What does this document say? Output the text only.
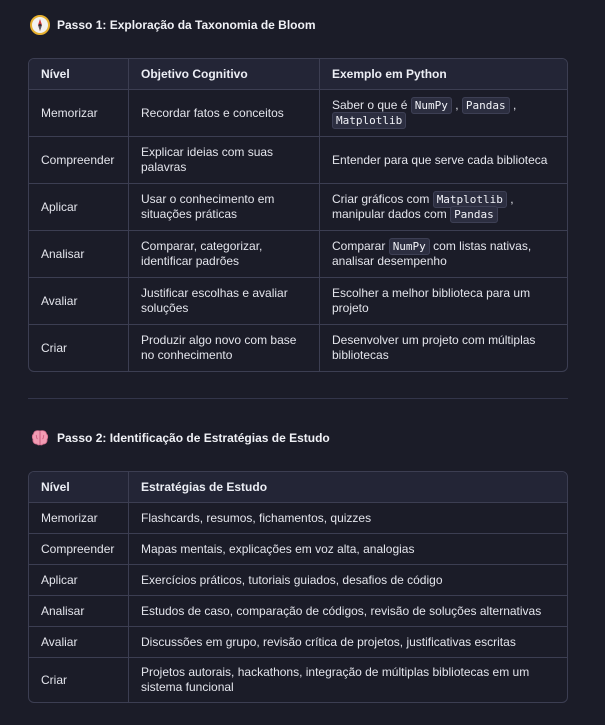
Passo 1: Exploração da Taxonomia de Bloom
Nível	Objetivo Cognitivo	Exemplo em Python
Memorizar	Recordar fatos e conceitos	Saber o que é NumPy , Pandas , Matplotlib
Compreender	Explicar ideias com suas palavras	Entender para que serve cada biblioteca
Aplicar	Usar o conhecimento em situações práticas	Criar gráficos com Matplotlib , manipular dados com Pandas
Analisar	Comparar, categorizar, identificar padrões	Comparar NumPy com listas nativas, analisar desempenho
Avaliar	Justificar escolhas e avaliar soluções	Escolher a melhor biblioteca para um projeto
Criar	Produzir algo novo com base no conhecimento	Desenvolver um projeto com múltiplas bibliotecas
Passo 2: Identificação de Estratégias de Estudo
Nível	Estratégias de Estudo
Memorizar	Flashcards, resumos, fichamentos, quizzes
Compreender	Mapas mentais, explicações em voz alta, analogias
Aplicar	Exercícios práticos, tutoriais guiados, desafios de código
Analisar	Estudos de caso, comparação de códigos, revisão de soluções alternativas
Avaliar	Discussões em grupo, revisão crítica de projetos, justificativas escritas
Criar	Projetos autorais, hackathons, integração de múltiplas bibliotecas em um sistema funcional
